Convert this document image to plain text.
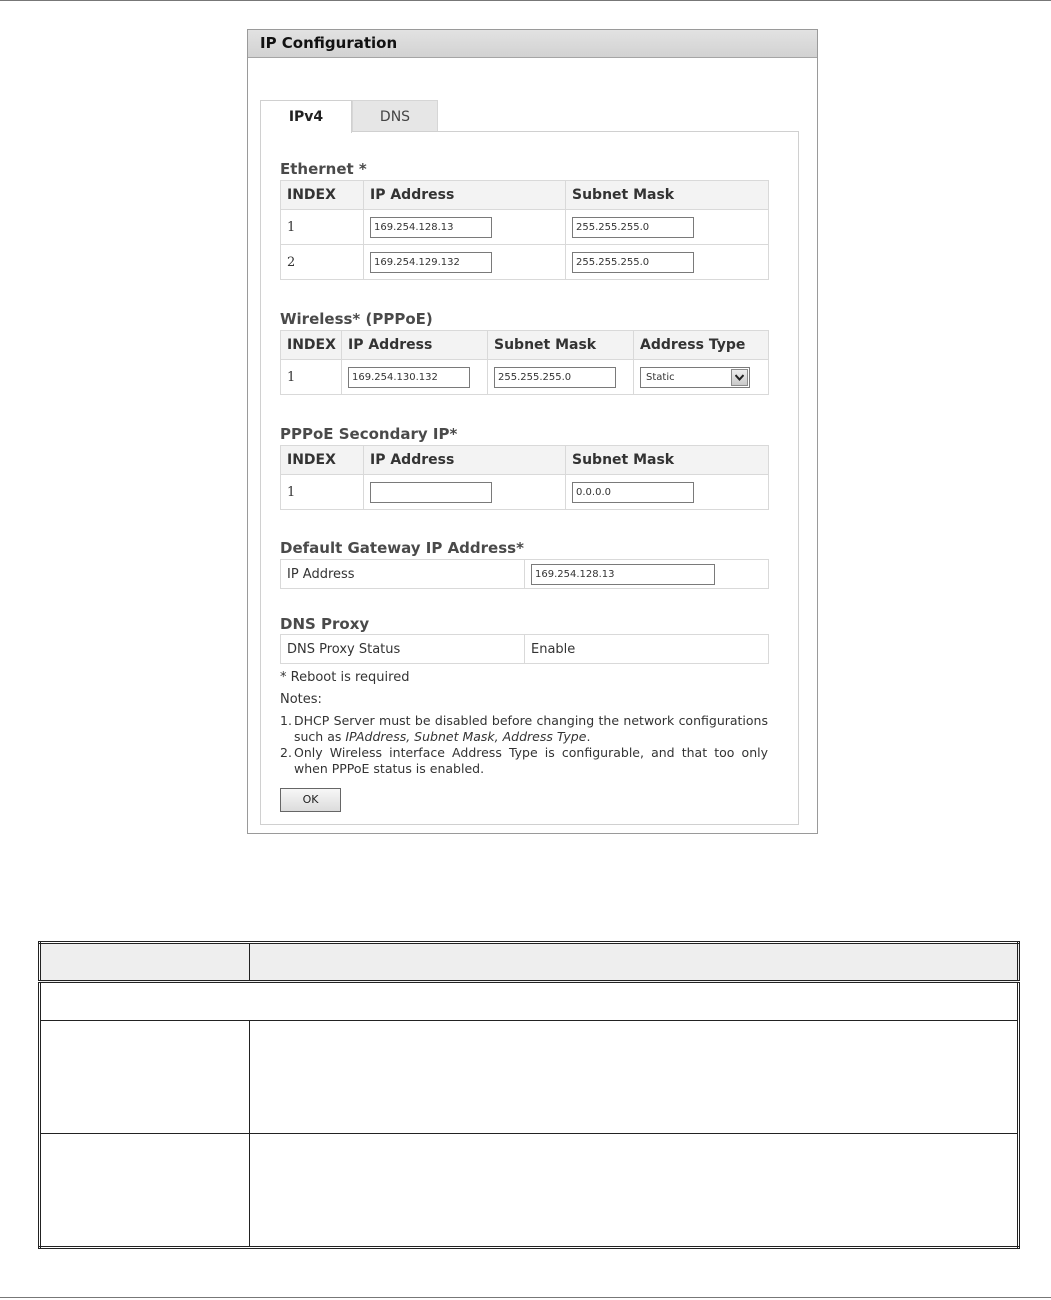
IP Configuration
IPv4	DNS
Ethernet *
INDEX	IP Address	Subnet Mask
1	169.254.128.13	255.255.255.0
2	169.254.129.132	255.255.255.0
Wireless* (PPPoE)
INDEX	IP Address	Subnet Mask	Address Type
1	169.254.130.132	255.255.255.0	Static
PPPoE Secondary IP*
INDEX	IP Address	Subnet Mask
1		0.0.0.0
Default Gateway IP Address*
IP Address	169.254.128.13
DNS Proxy
DNS Proxy Status	Enable
* Reboot is required
Notes:
1. DHCP Server must be disabled before changing the network configurations such as IPAddress, Subnet Mask, Address Type.
2. Only Wireless interface Address Type is configurable, and that too only when PPPoE status is enabled.
OK
